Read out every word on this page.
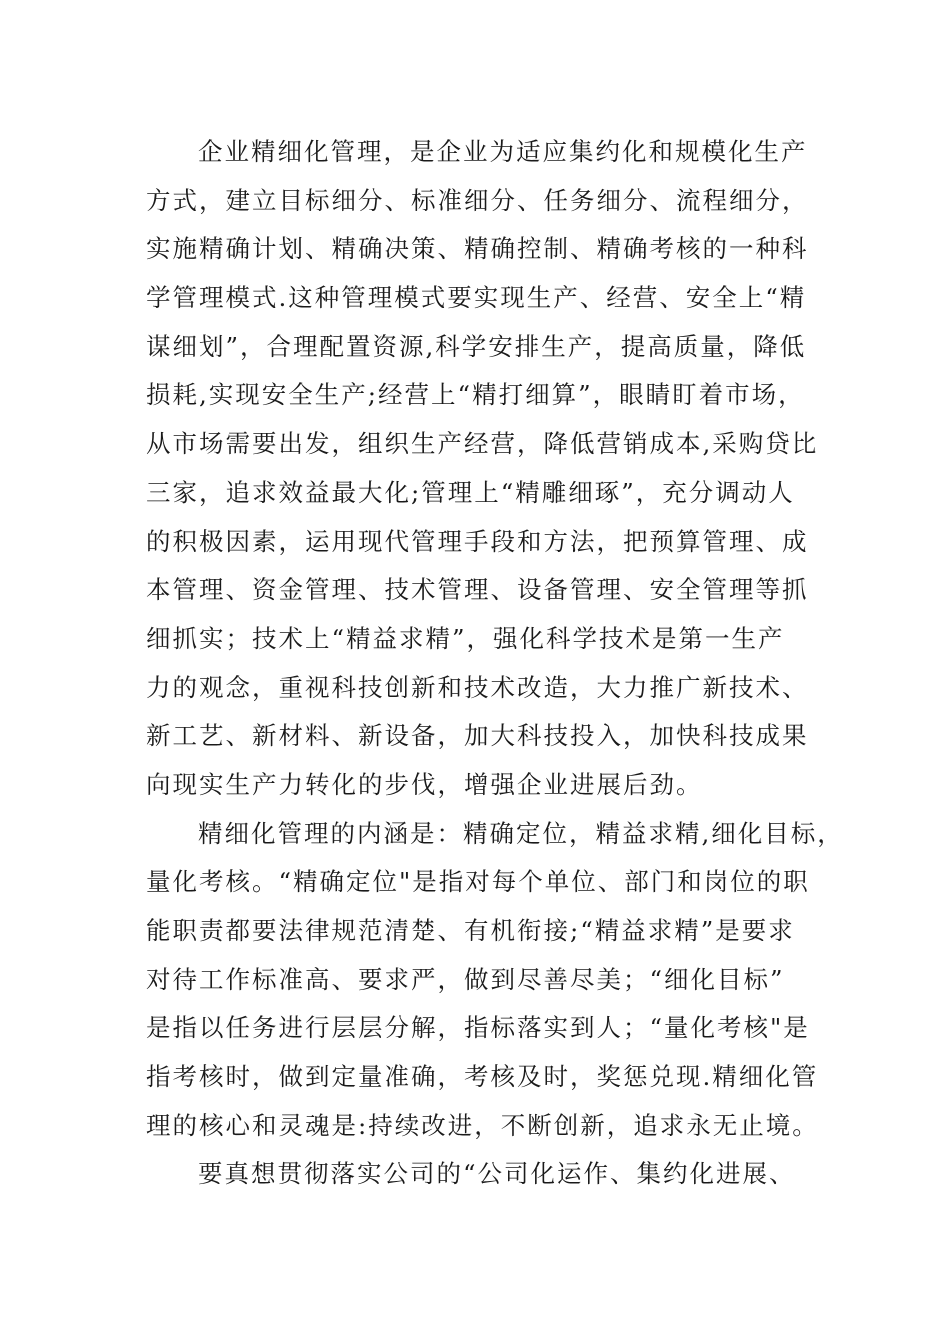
企业精细化管理，是企业为适应集约化和规模化生产
方式，建立目标细分、标准细分、任务细分、流程细分，
实施精确计划、精确决策、精确控制、精确考核的一种科
学管理模式.这种管理模式要实现生产、经营、安全上“精
谋细划”，合理配置资源,科学安排生产，提高质量，降低
损耗,实现安全生产;经营上“精打细算”，眼睛盯着市场，
从市场需要出发，组织生产经营，降低营销成本,采购贷比
三家，追求效益最大化;管理上“精雕细琢”，充分调动人
的积极因素，运用现代管理手段和方法，把预算管理、成
本管理、资金管理、技术管理、设备管理、安全管理等抓
细抓实；技术上“精益求精”，强化科学技术是第一生产
力的观念，重视科技创新和技术改造，大力推广新技术、
新工艺、新材料、新设备，加大科技投入，加快科技成果
向现实生产力转化的步伐，增强企业进展后劲。
精细化管理的内涵是：精确定位，精益求精,细化目标，
量化考核。“精确定位"是指对每个单位、部门和岗位的职
能职责都要法律规范清楚、有机衔接;“精益求精”是要求
对待工作标准高、要求严，做到尽善尽美；“细化目标”
是指以任务进行层层分解，指标落实到人；“量化考核"是
指考核时，做到定量准确，考核及时，奖惩兑现.精细化管
理的核心和灵魂是:持续改进，不断创新，追求永无止境。
要真想贯彻落实公司的“公司化运作、集约化进展、
